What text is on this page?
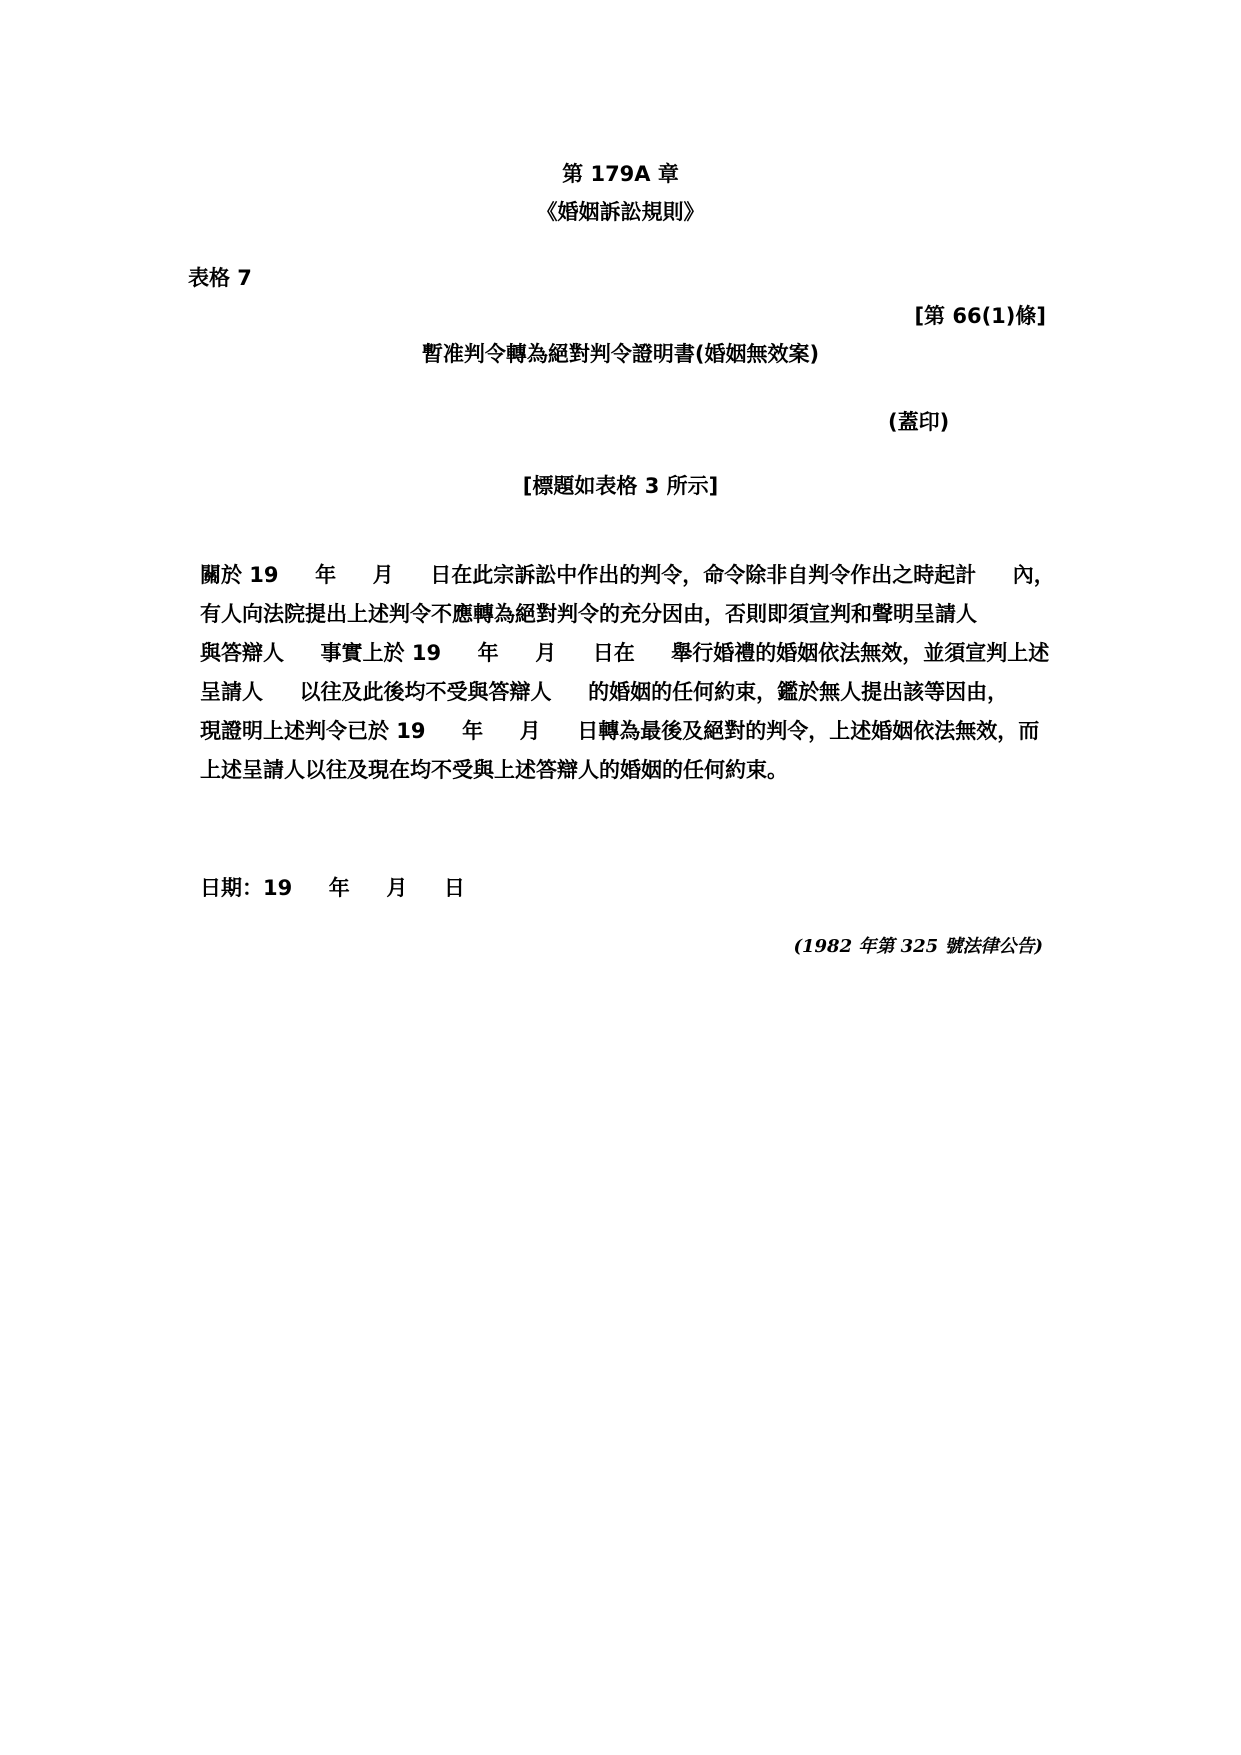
第 179A 章
《婚姻訴訟規則》
表格 7
[第 66(1)條]
暫准判令轉為絕對判令證明書(婚姻無效案)
(蓋印)
[標題如表格 3 所示]
關於 19     年     月     日在此宗訴訟中作出的判令，命令除非自判令作出之時起計     內，
有人向法院提出上述判令不應轉為絕對判令的充分因由，否則即須宣判和聲明呈請人
與答辯人     事實上於 19     年     月     日在     舉行婚禮的婚姻依法無效，並須宣判上述
呈請人     以往及此後均不受與答辯人     的婚姻的任何約束，鑑於無人提出該等因由，
現證明上述判令已於 19     年     月     日轉為最後及絕對的判令，上述婚姻依法無效，而
上述呈請人以往及現在均不受與上述答辯人的婚姻的任何約束。
日期：19     年     月     日
(1982 年第 325 號法律公告)
